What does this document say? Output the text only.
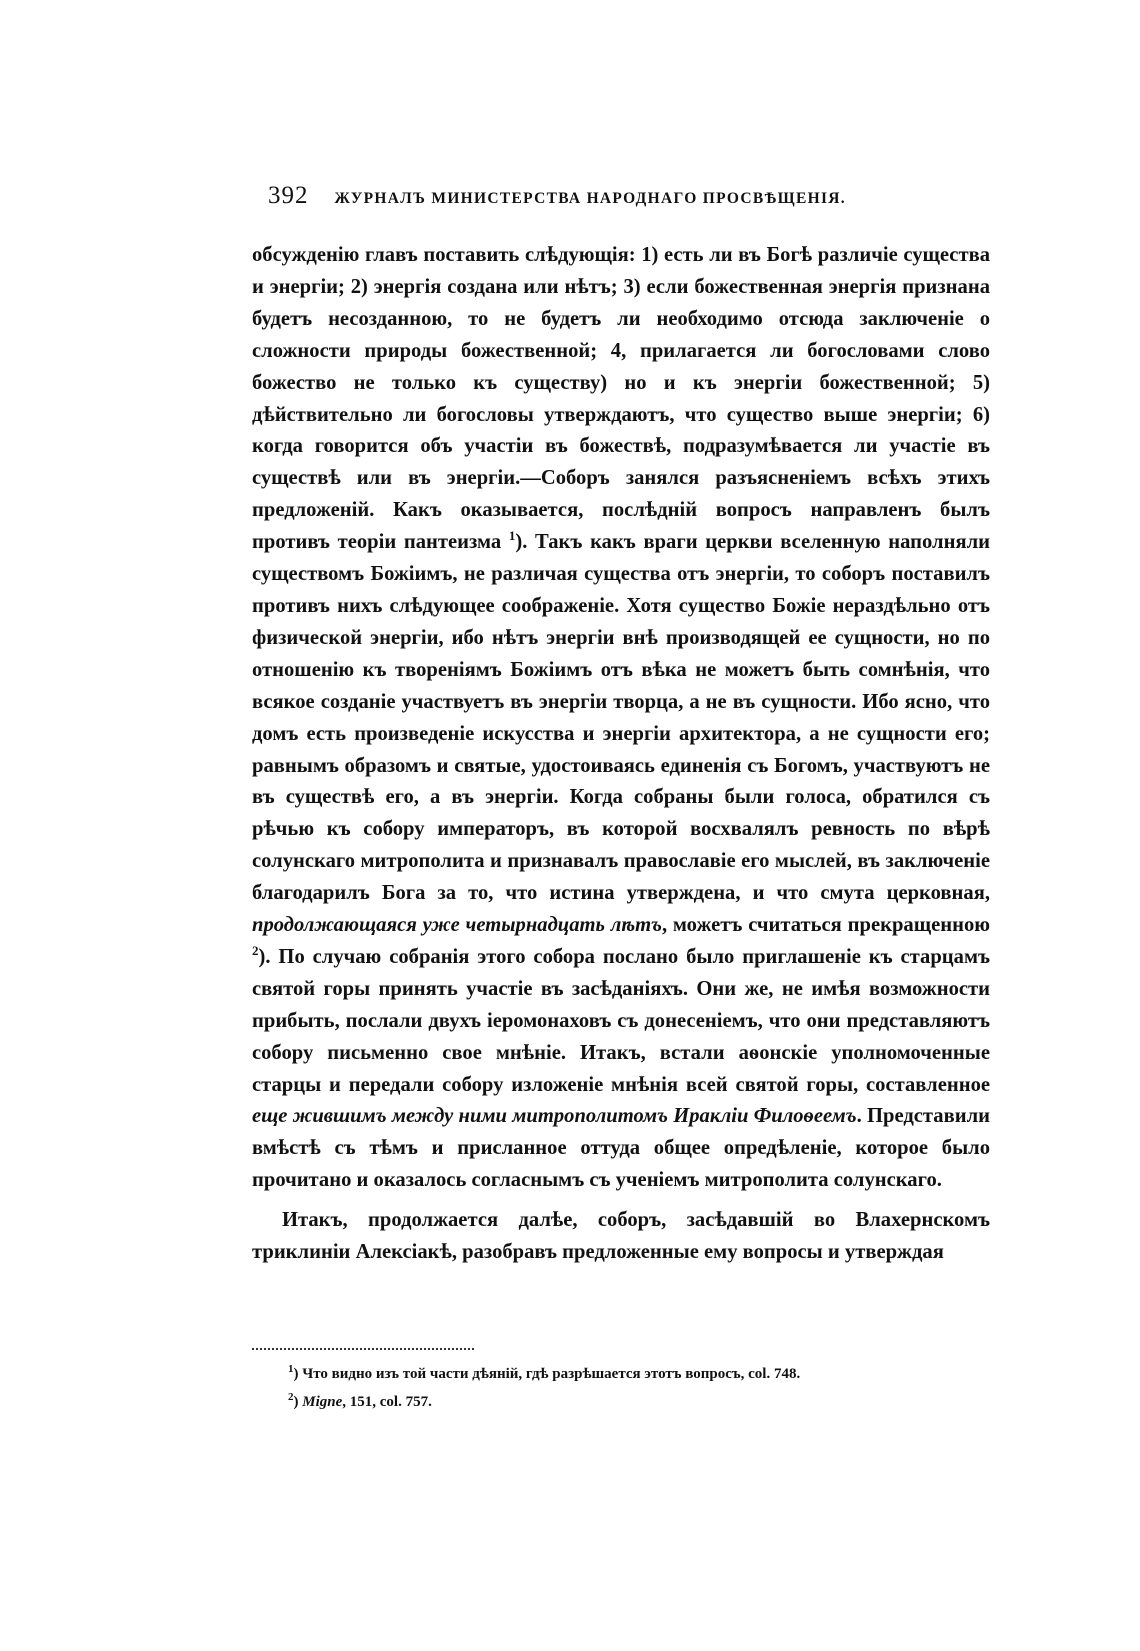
392 ЖУРНАЛЪ МИНИСТЕРСТВА НАРОДНАГО ПРОСВѢЩЕНІЯ.

обсужденію главъ поставить слѣдующія: 1) есть ли въ Богѣ различіе существа и энергіи; 2) энергія создана или нѣтъ; 3) если божественная энергія признана будетъ несозданною, то не будетъ ли необходимо отсюда заключеніе о сложности природы божественной; 4, прилагается ли богословами слово божество не только къ существу) но и къ энергіи божественной; 5) дѣйствительно ли богословы утверждаютъ, что существо выше энергіи; 6) когда говорится объ участіи въ божествѣ, подразумѣвается ли участіе въ существѣ или въ энергіи.—Соборъ занялся разъясненіемъ всѣхъ этихъ предложеній. Какъ оказывается, послѣдній вопросъ направленъ былъ противъ теоріи пантеизма $^1$). Такъ какъ враги церкви вселенную наполняли существомъ Божіимъ, не различая существа отъ энергіи, то соборъ поставилъ противъ нихъ слѣдующее соображеніе. Хотя существо Божіе нераздѣльно отъ физической энергіи, ибо нѣтъ энергіи внѣ производящей ее сущности, но по отношенію къ твореніямъ Божіимъ отъ вѣка не можетъ быть сомнѣнія, что всякое созданіе участвуетъ въ энергіи творца, а не въ сущности. Ибо ясно, что домъ есть произведеніе искусства и энергіи архитектора, а не сущности его; равнымъ образомъ и святые, удостоиваясь единенія съ Богомъ, участвуютъ не въ существѣ его, а въ энергіи. Когда собраны были голоса, обратился съ рѣчью къ собору императоръ, въ которой восхвалялъ ревность по вѣрѣ солунскаго митрополита и признавалъ православіе его мыслей, въ заключеніе благодарилъ Бога за то, что истина утверждена, и что смута церковная, продолжающаяся уже четырнадцать лѣтъ, можетъ считаться прекращенною $^2$). По случаю собранія этого собора послано было приглашеніе къ старцамъ святой горы принять участіе въ засѣданіяхъ. Они же, не имѣя возможности прибыть, послали двухъ іеромонаховъ съ донесеніемъ, что они представляютъ собору письменно свое мнѣніе. Итакъ, встали аѳонскіе уполномоченные старцы и передали собору изложеніе мнѣнія всей святой горы, составленное еще жившимъ между ними митрополитомъ Иракліи Филоѳеемъ. Представили вмѣстѣ съ тѣмъ и присланное оттуда общее опредѣленіе, которое было прочитано и оказалось согласнымъ съ ученіемъ митрополита солунскаго.

Итакъ, продолжается далѣе, соборъ, засѣдавшій во Влахернскомъ триклиніи Алексіакѣ, разобравъ предложенные ему вопросы и утверждая

$^1$) Что видно изъ той части дѣяній, гдѣ разрѣшается этотъ вопросъ, col. 748.
$^2$) Migne, 151, col. 757.
